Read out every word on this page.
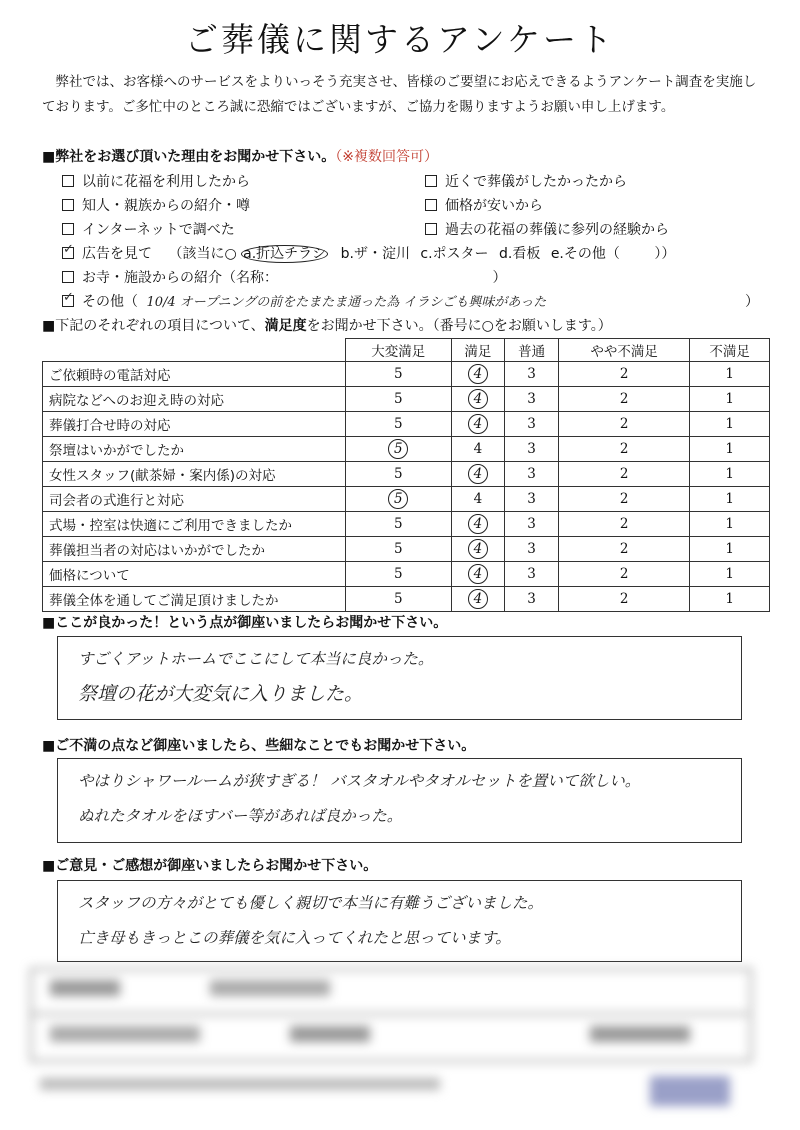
ご葬儀に関するアンケート
弊社では、お客様へのサービスをよりいっそう充実させ、皆様のご要望にお応えできるようアンケート調査を実施しております。ご多忙中のところ誠に恐縮ではございますが、ご協力を賜りますようお願い申し上げます。
■弊社をお選び頂いた理由をお聞かせ下さい。（※複数回答可）
以前に花福を利用したから
知人・親族からの紹介・噂
インターネットで調べた
近くで葬儀がしたかったから
価格が安いから
過去の花福の葬儀に参列の経験から
✓広告を見て （該当に○ a.折込チラシ b.ザ・淀川 c.ポスター d.看板 e.その他（ ））
お寺・施設からの紹介（名称：	）
✓その他（ 10/4 オープニングの前をたまたま通った為 イラシごも興味があった	）
■下記のそれぞれの項目について、満足度をお聞かせ下さい。（番号に○をお願いします。）
	大変満足	満足	普通	やや不満足	不満足
ご依頼時の電話対応	5	4	3	2	1
病院などへのお迎え時の対応	5	4	3	2	1
葬儀打合せ時の対応	5	4	3	2	1
祭壇はいかがでしたか	5	4	3	2	1
女性スタッフ(献茶婦・案内係)の対応	5	4	3	2	1
司会者の式進行と対応	5	4	3	2	1
式場・控室は快適にご利用できましたか	5	4	3	2	1
葬儀担当者の対応はいかがでしたか	5	4	3	2	1
価格について	5	4	3	2	1
葬儀全体を通してご満足頂けましたか	5	4	3	2	1
■ここが良かった！という点が御座いましたらお聞かせ下さい。
すごくアットホームでここにして本当に良かった。
祭壇の花が大変気に入りました。
■ご不満の点など御座いましたら、些細なことでもお聞かせ下さい。
やはりシャワールームが狭すぎる！ バスタオルやタオルセットを置いて欲しい。
ぬれたタオルをほすバー等があれば良かった。
■ご意見・ご感想が御座いましたらお聞かせ下さい。
スタッフの方々がとても優しく親切で本当に有難うございました。
亡き母もきっとこの葬儀を気に入ってくれたと思っています。
